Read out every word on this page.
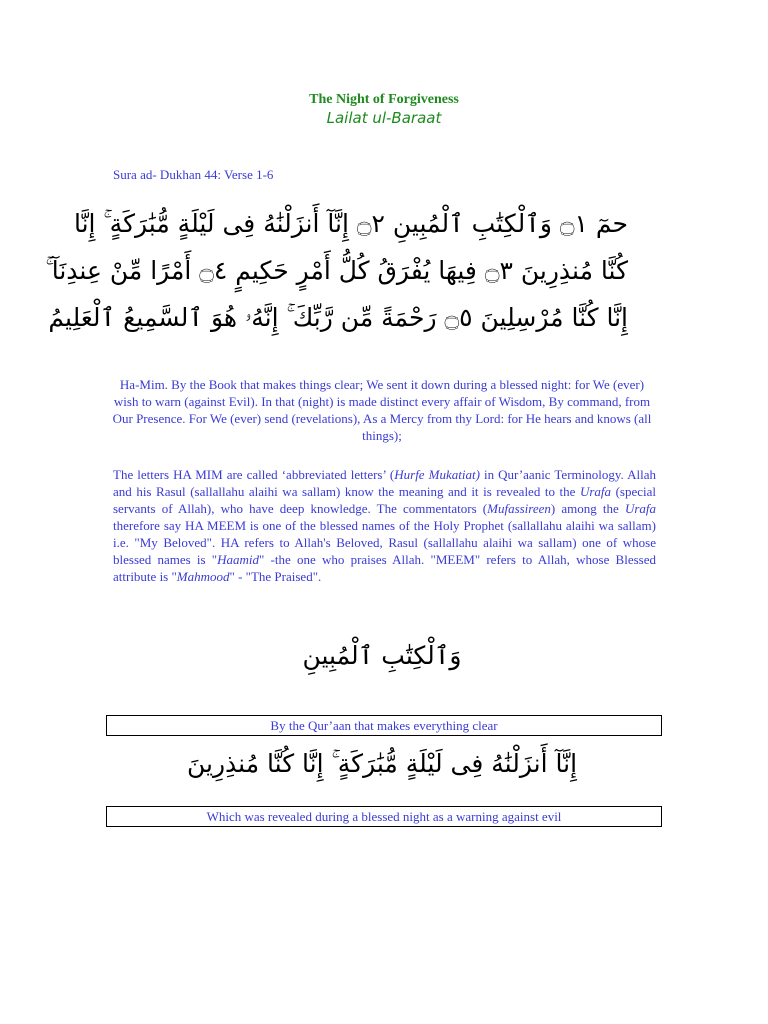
The Night of Forgiveness
Lailat ul-Baraat
Sura ad- Dukhan 44: Verse 1-6
حمٓ ۝١ وَٱلْكِتَٰبِ ٱلْمُبِينِ ۝٢ إِنَّآ أَنزَلْنَٰهُ فِى لَيْلَةٍ مُّبَٰرَكَةٍ ۚ إِنَّا
كُنَّا مُنذِرِينَ ۝٣ فِيهَا يُفْرَقُ كُلُّ أَمْرٍ حَكِيمٍ ۝٤ أَمْرًا مِّنْ عِندِنَآ ۚ
إِنَّا كُنَّا مُرْسِلِينَ ۝٥ رَحْمَةً مِّن رَّبِّكَ ۚ إِنَّهُۥ هُوَ ٱلسَّمِيعُ ٱلْعَلِيمُ
Ha-Mim. By the Book that makes things clear; We sent it down during a blessed night: for We (ever) wish to warn (against Evil). In that (night) is made distinct every affair of Wisdom, By command, from Our Presence. For We (ever) send (revelations), As a Mercy from thy Lord: for He hears and knows (all things);
The letters HA MIM are called ‘abbreviated letters’ (Hurfe Mukatiat) in Qur’aanic Terminology. Allah and his Rasul (sallallahu alaihi wa sallam) know the meaning and it is revealed to the Urafa (special servants of Allah), who have deep knowledge. The commentators (Mufassireen) among the Urafa therefore say HA MEEM is one of the blessed names of the Holy Prophet (sallallahu alaihi wa sallam) i.e. "My Beloved". HA refers to Allah's Beloved, Rasul (sallallahu alaihi wa sallam) one of whose blessed names is "Haamid" -the one who praises Allah. "MEEM" refers to Allah, whose Blessed attribute is "Mahmood" - "The Praised".
وَٱلْكِتَٰبِ ٱلْمُبِينِ
By the Qur’aan that makes everything clear
إِنَّآ أَنزَلْنَٰهُ فِى لَيْلَةٍ مُّبَٰرَكَةٍ ۚ إِنَّا كُنَّا مُنذِرِينَ
Which was revealed during a blessed night as a warning against evil
